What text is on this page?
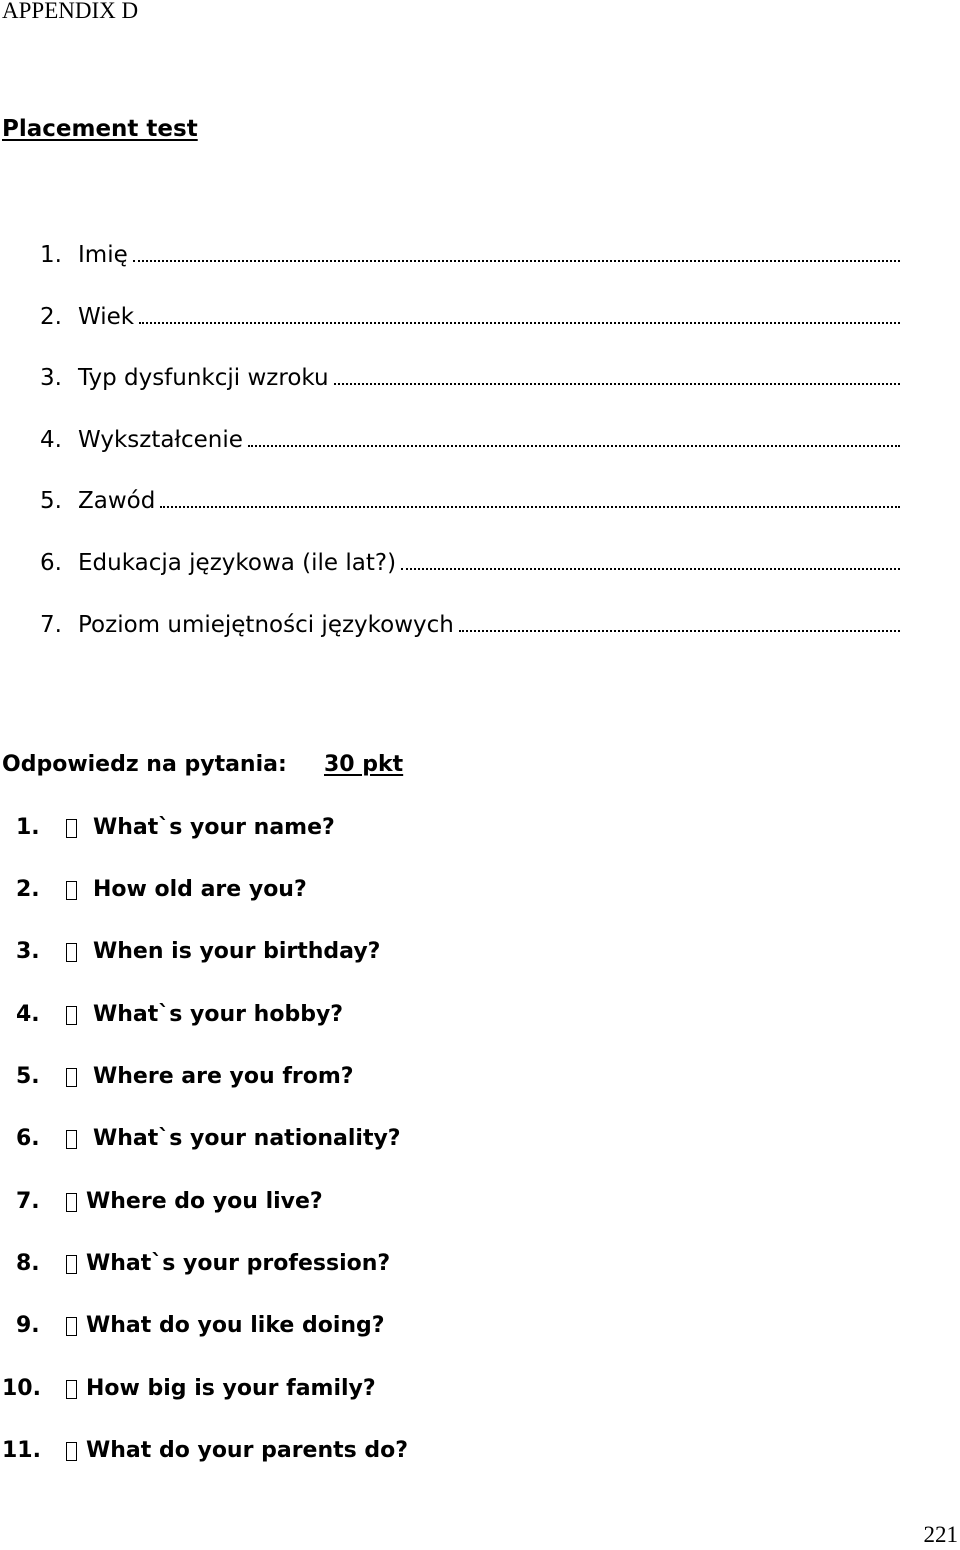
APPENDIX D
Placement test
1. Imię
2. Wiek
3. Typ dysfunkcji wzroku
4. Wykształcenie
5. Zawód
6. Edukacja językowa (ile lat?)
7. Poziom umiejętności językowych
Odpowiedz na pytania: 30 pkt
1. What`s your name?
2. How old are you?
3. When is your birthday?
4. What`s your hobby?
5. Where are you from?
6. What`s your nationality?
7. Where do you live?
8. What`s your profession?
9. What do you like doing?
10. How big is your family?
11. What do your parents do?
221
